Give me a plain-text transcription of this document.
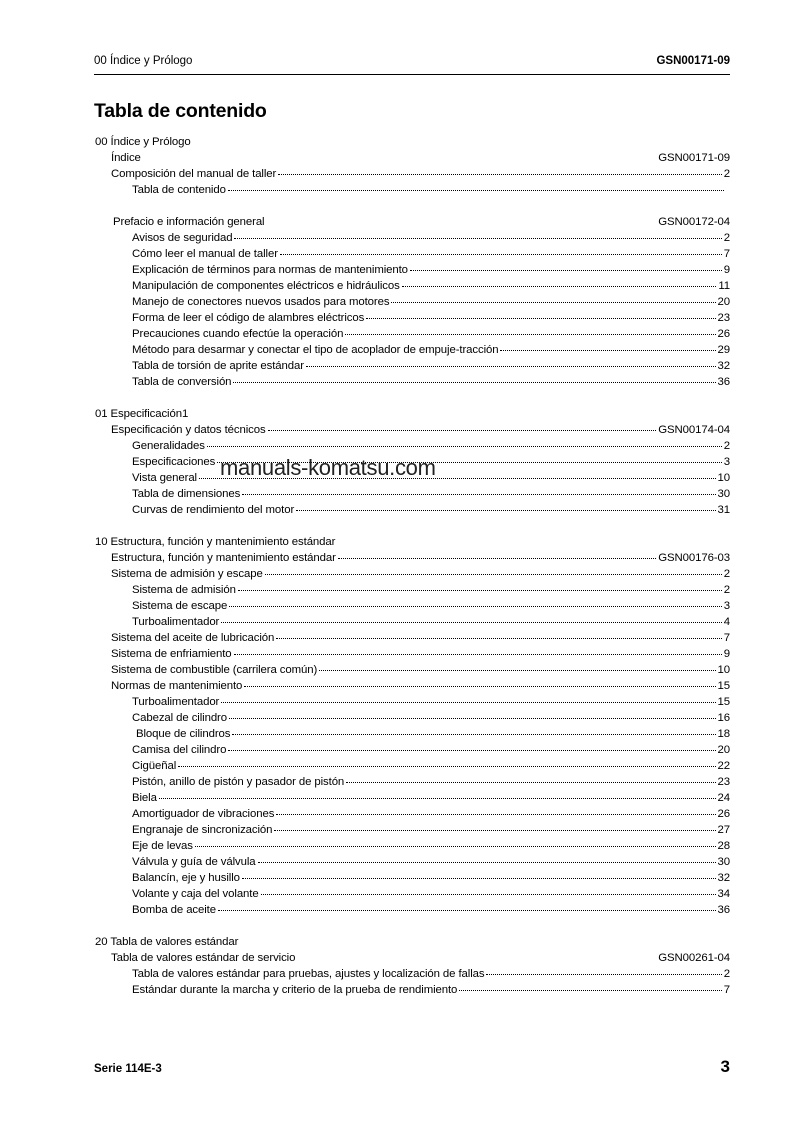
00 Índice y Prólogo	GSN00171-09
Tabla de contenido
00 Índice y Prólogo
Índice	GSN00171-09
Composición del manual de taller	2
Tabla de contenido
Prefacio e información general	GSN00172-04
Avisos de seguridad	2
Cómo leer el manual de taller	7
Explicación de términos para normas de mantenimiento	9
Manipulación de componentes eléctricos e hidráulicos	11
Manejo de conectores nuevos usados para motores	20
Forma de leer el código de alambres eléctricos	23
Precauciones cuando efectúe la operación	26
Método para desarmar y conectar el tipo de acoplador de empuje-tracción	29
Tabla de torsión de aprite estándar	32
Tabla de conversión	36
01 Especificación1
Especificación y datos técnicos	GSN00174-04
Generalidades	2
Especificaciones	3
Vista general	10
Tabla de dimensiones	30
Curvas de rendimiento del motor	31
10 Estructura, función y mantenimiento estándar
Estructura, función y mantenimiento estándar	GSN00176-03
Sistema de admisión y escape	2
Sistema de admisión	2
Sistema de escape	3
Turboalimentador	4
Sistema del aceite de lubricación	7
Sistema de enfriamiento	9
Sistema de combustible (carrilera común)	10
Normas de mantenimiento	15
Turboalimentador	15
Cabezal de cilindro	16
Bloque de cilindros	18
Camisa del cilindro	20
Cigüeñal	22
Pistón, anillo de pistón y pasador de pistón	23
Biela	24
Amortiguador de vibraciones	26
Engranaje de sincronización	27
Eje de levas	28
Válvula y guía de válvula	30
Balancín, eje y husillo	32
Volante y caja del volante	34
Bomba de aceite	36
20 Tabla de valores estándar
Tabla de valores estándar de servicio	GSN00261-04
Tabla de valores estándar para pruebas, ajustes y localización de fallas	2
Estándar durante la marcha y criterio de la prueba de rendimiento	7
manuals-komatsu.com
Serie 114E-3	3
